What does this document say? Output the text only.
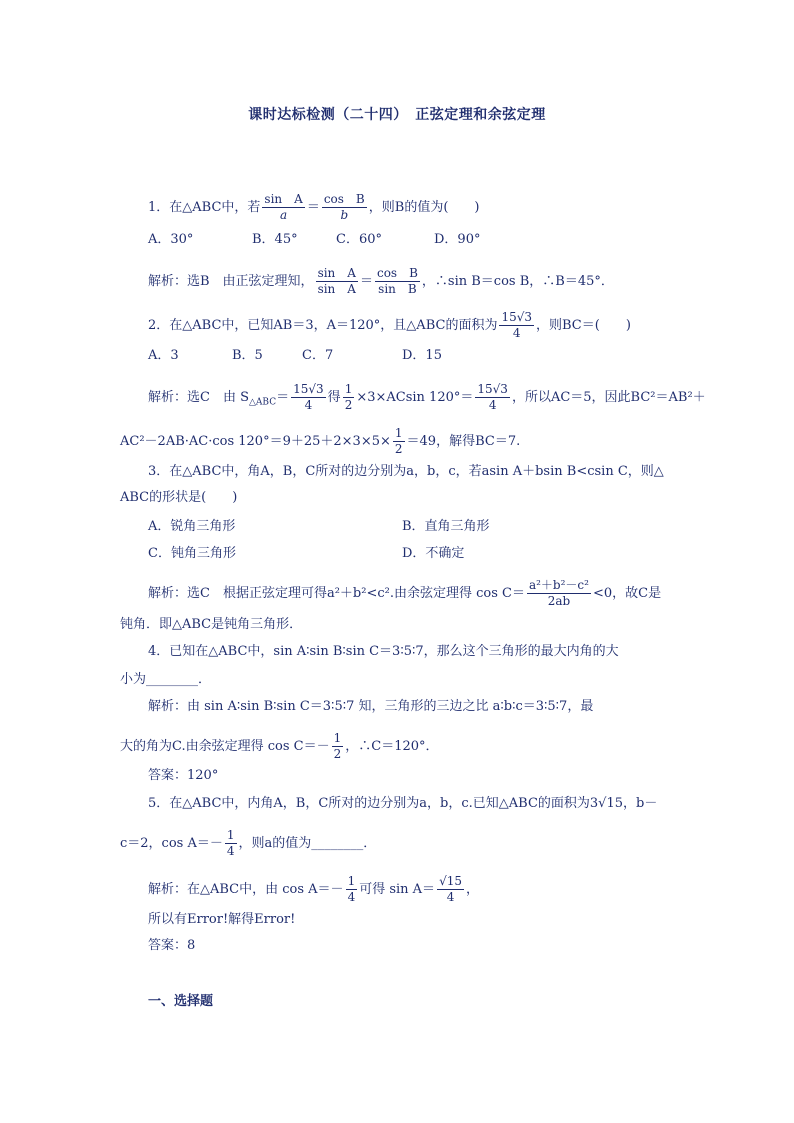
课时达标检测（二十四）　正弦定理和余弦定理
1．在△ABC中，若 $\frac{\text{sin　A}}{a} = \frac{\text{cos　B}}{b}$ ，则B的值为(　　)
A．30°	B．45°	C．60°	D．90°
解析：选B　由正弦定理知， $\frac{\text{sin　A}}{\text{sin　A}} = \frac{\text{cos　B}}{\text{sin　B}}$ ，∴sin B＝cos B，∴B＝45°．
2．在△ABC中，已知AB＝3，A＝120°，且△ABC的面积为 $\frac{15√3}{4}$ ，则BC＝(　　)
A．3	B．5	C．7	D．15
解析：选C　由 $S_{\triangle ABC}= \frac{15√3}{4}$ 得 $\frac{1}{2} \times 3\times ACsin$ $120^\circ= \frac{15√3}{4}$ ，所以AC＝5，因此BC²＝AB²＋
AC²－2AB·AC·cos $120^\circ=9+25+2\times 3\times 5\times \frac{1}{2} =49$，解得BC＝7.
3．在△ABC中，角A，B，C所对的边分别为a，b，c，若asin A＋bsin B<csin C，则△
ABC的形状是(　　)
A．锐角三角形	B．直角三角形
C．钝角三角形	D．不确定
解析：选C　根据正弦定理可得a²＋b²<c².由余弦定理得 $\cos C= \frac{\text{a²＋b²－c²}}{2ab} <0$，故C是
钝角．即△ABC是钝角三角形．
4．已知在△ABC中，sin A∶sin B∶sin C＝3∶5∶7，那么这个三角形的最大内角的大
小为________．
解析：由 sin A∶sin B∶sin C＝3∶5∶7 知，三角形的三边之比 a∶b∶c＝3∶5∶7，最
大的角为C.由余弦定理得 $\cos C=- \frac{1}{2}$ ，∴C＝120°．
答案：120°
5．在△ABC中，内角A，B，C所对的边分别为a，b，c.已知△ABC的面积为3√15，b－
c＝2，$\cos A=- \frac{1}{4}$ ，则a的值为________．
解析：在△ABC中，由 $\cos A=- \frac{1}{4}$ 可得 $\sin A= \frac{√15}{4}$ ，
所以有Error!解得Error!
答案：8
一、选择题
